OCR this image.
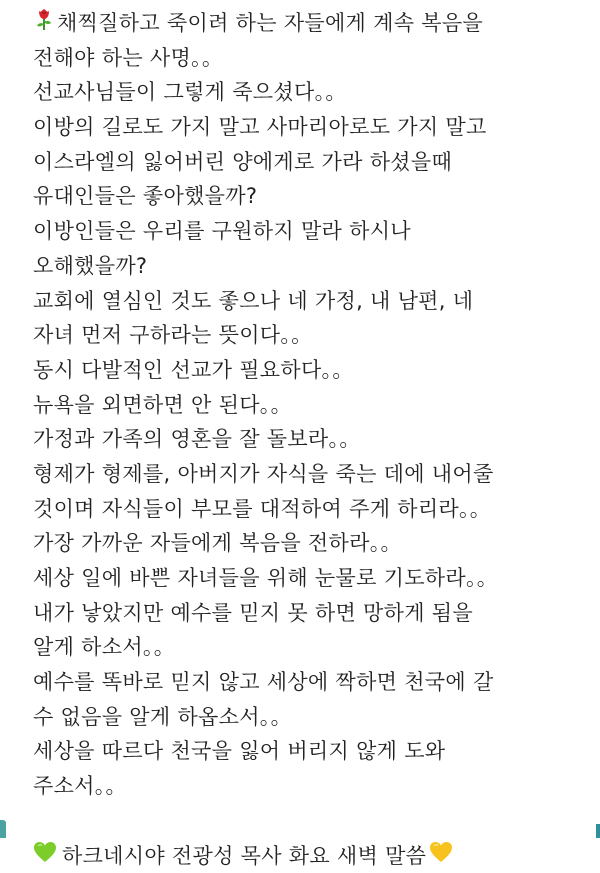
채찍질하고 죽이려 하는 자들에게 계속 복음을
전해야 하는 사명。。
선교사님들이 그렇게 죽으셨다。。
이방의 길로도 가지 말고 사마리아로도 가지 말고
이스라엘의 잃어버린 양에게로 가라 하셨을때
유대인들은 좋아했을까?
이방인들은 우리를 구원하지 말라 하시나
오해했을까?
교회에 열심인 것도 좋으나 네 가정, 내 남편, 네
자녀 먼저 구하라는 뜻이다。。
동시 다발적인 선교가 필요하다。。
뉴욕을 외면하면 안 된다。。
가정과 가족의 영혼을 잘 돌보라。。
형제가 형제를, 아버지가 자식을 죽는 데에 내어줄
것이며 자식들이 부모를 대적하여 주게 하리라。。
가장 가까운 자들에게 복음을 전하라。。
세상 일에 바쁜 자녀들을 위해 눈물로 기도하라。。
내가 낳았지만 예수를 믿지 못 하면 망하게 됨을
알게 하소서。。
예수를 똑바로 믿지 않고 세상에 짝하면 천국에 갈
수 없음을 알게 하옵소서。。
세상을 따르다 천국을 잃어 버리지 않게 도와
주소서。。
하크네시야 전광성 목사 화요 새벽 말씀
